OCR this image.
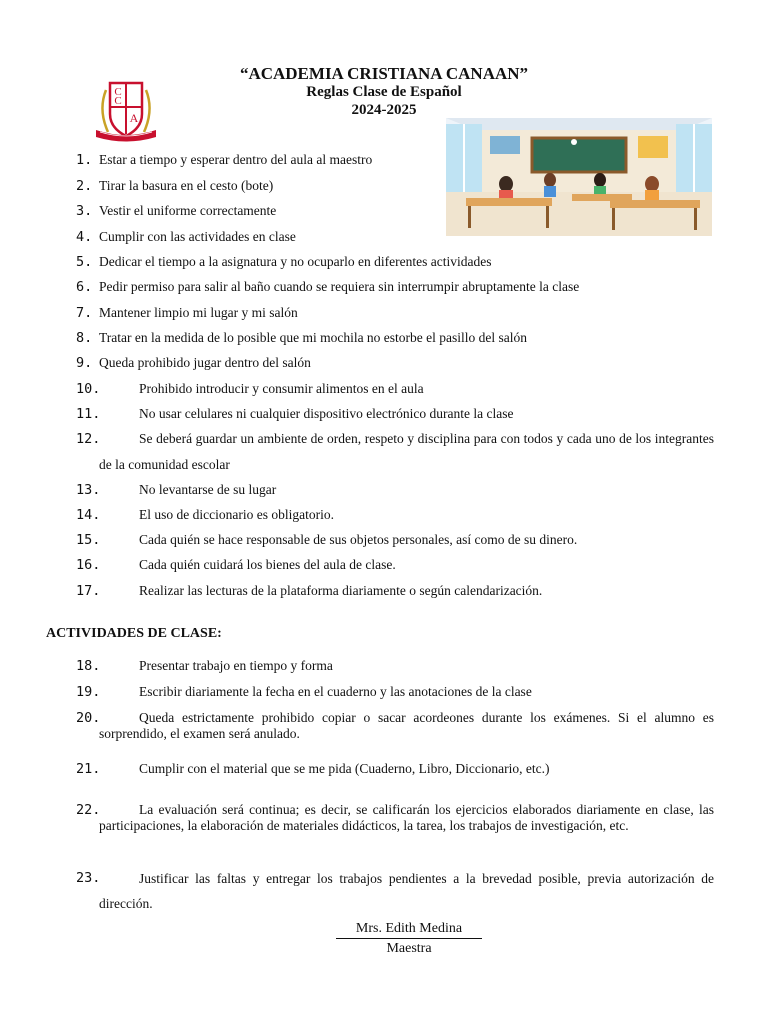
“ACADEMIA CRISTIANA CANAAN”
Reglas Clase de Español
2024-2025
C
C
A
1. Estar a tiempo y esperar dentro del aula al maestro
2. Tirar la basura en el cesto (bote)
3. Vestir el uniforme correctamente
4. Cumplir con las actividades en clase
5. Dedicar el tiempo a la asignatura y no ocuparlo en diferentes actividades
6. Pedir permiso para salir al baño cuando se requiera sin interrumpir abruptamente la clase
7. Mantener limpio mi lugar y mi salón
8. Tratar en la medida de lo posible que mi mochila no estorbe el pasillo del salón
9. Queda prohibido jugar dentro del salón
10.	Prohibido introducir y consumir alimentos en el aula
11.	No usar celulares ni cualquier dispositivo electrónico durante la clase
12.	Se deberá guardar un ambiente de orden, respeto y disciplina para con todos y cada uno de los integrantes de la comunidad escolar
13.	No levantarse de su lugar
14.	El uso de diccionario es obligatorio.
15.	Cada quién se hace responsable de sus objetos personales, así como de su dinero.
16.	Cada quién cuidará los bienes del aula de clase.
17.	Realizar las lecturas de la plataforma diariamente o según calendarización.
ACTIVIDADES DE CLASE:
18.	Presentar trabajo en tiempo y forma
19.	Escribir diariamente la fecha en el cuaderno y las anotaciones de la clase
20.	Queda estrictamente prohibido copiar o sacar acordeones durante los exámenes. Si el alumno es sorprendido, el examen será anulado.
21.	Cumplir con el material que se me pida (Cuaderno, Libro, Diccionario, etc.)
22.	La evaluación será continua; es decir, se calificarán los ejercicios elaborados diariamente en clase, las participaciones, la elaboración de materiales didácticos, la tarea, los trabajos de investigación, etc.
23.	Justificar las faltas y entregar los trabajos pendientes a la brevedad posible, previa autorización de dirección.
Mrs. Edith Medina
Maestra
